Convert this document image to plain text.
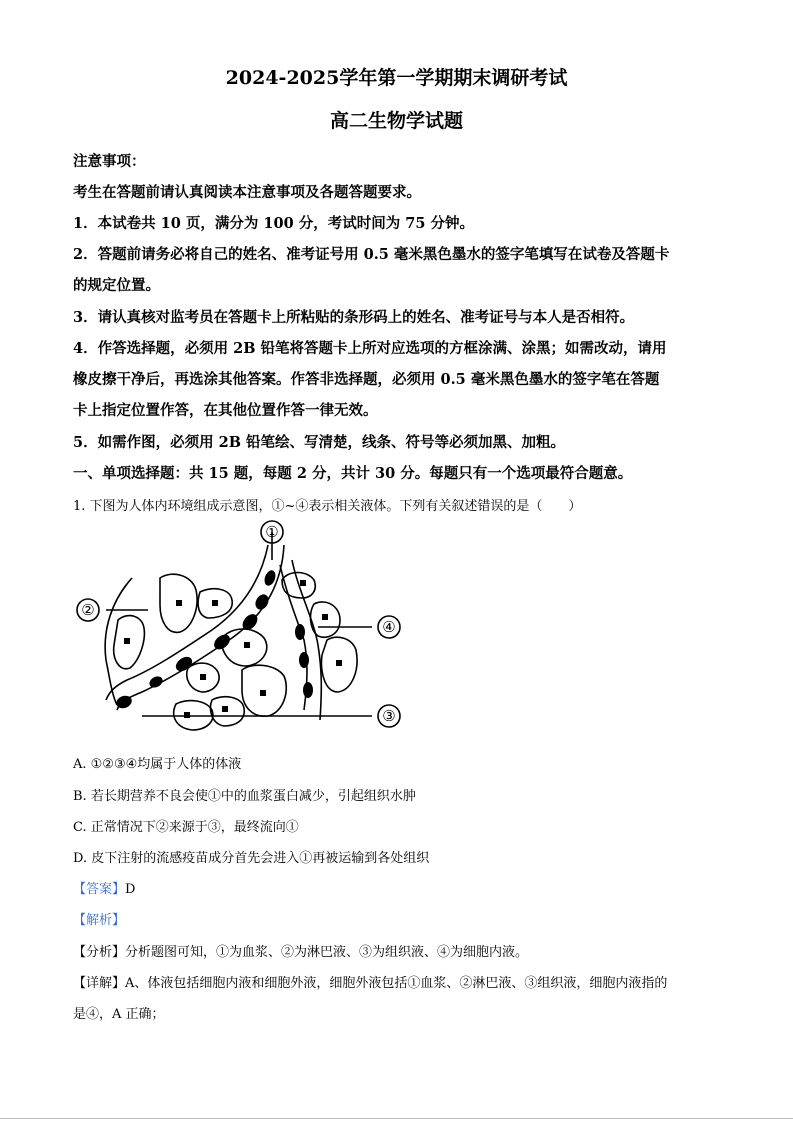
2024-2025学年第一学期期末调研考试
高二生物学试题
注意事项：
考生在答题前请认真阅读本注意事项及各题答题要求。
1．本试卷共 10 页，满分为 100 分，考试时间为 75 分钟。
2．答题前请务必将自己的姓名、准考证号用 0.5 毫米黑色墨水的签字笔填写在试卷及答题卡
的规定位置。
3．请认真核对监考员在答题卡上所粘贴的条形码上的姓名、准考证号与本人是否相符。
4．作答选择题，必须用 2B 铅笔将答题卡上所对应选项的方框涂满、涂黑；如需改动，请用
橡皮擦干净后，再选涂其他答案。作答非选择题，必须用 0.5 毫米黑色墨水的签字笔在答题
卡上指定位置作答，在其他位置作答一律无效。
5．如需作图，必须用 2B 铅笔绘、写清楚，线条、符号等必须加黑、加粗。
一、单项选择题：共 15 题，每题 2 分，共计 30 分。每题只有一个选项最符合题意。
1. 下图为人体内环境组成示意图，①~④表示相关液体。下列有关叙述错误的是（　　）
①
②
③
④
A. ①②③④均属于人体的体液
B. 若长期营养不良会使①中的血浆蛋白减少，引起组织水肿
C. 正常情况下②来源于③，最终流向①
D. 皮下注射的流感疫苗成分首先会进入①再被运输到各处组织
【答案】D
【解析】
【分析】分析题图可知，①为血浆、②为淋巴液、③为组织液、④为细胞内液。
【详解】A、体液包括细胞内液和细胞外液，细胞外液包括①血浆、②淋巴液、③组织液，细胞内液指的
是④，A 正确；
